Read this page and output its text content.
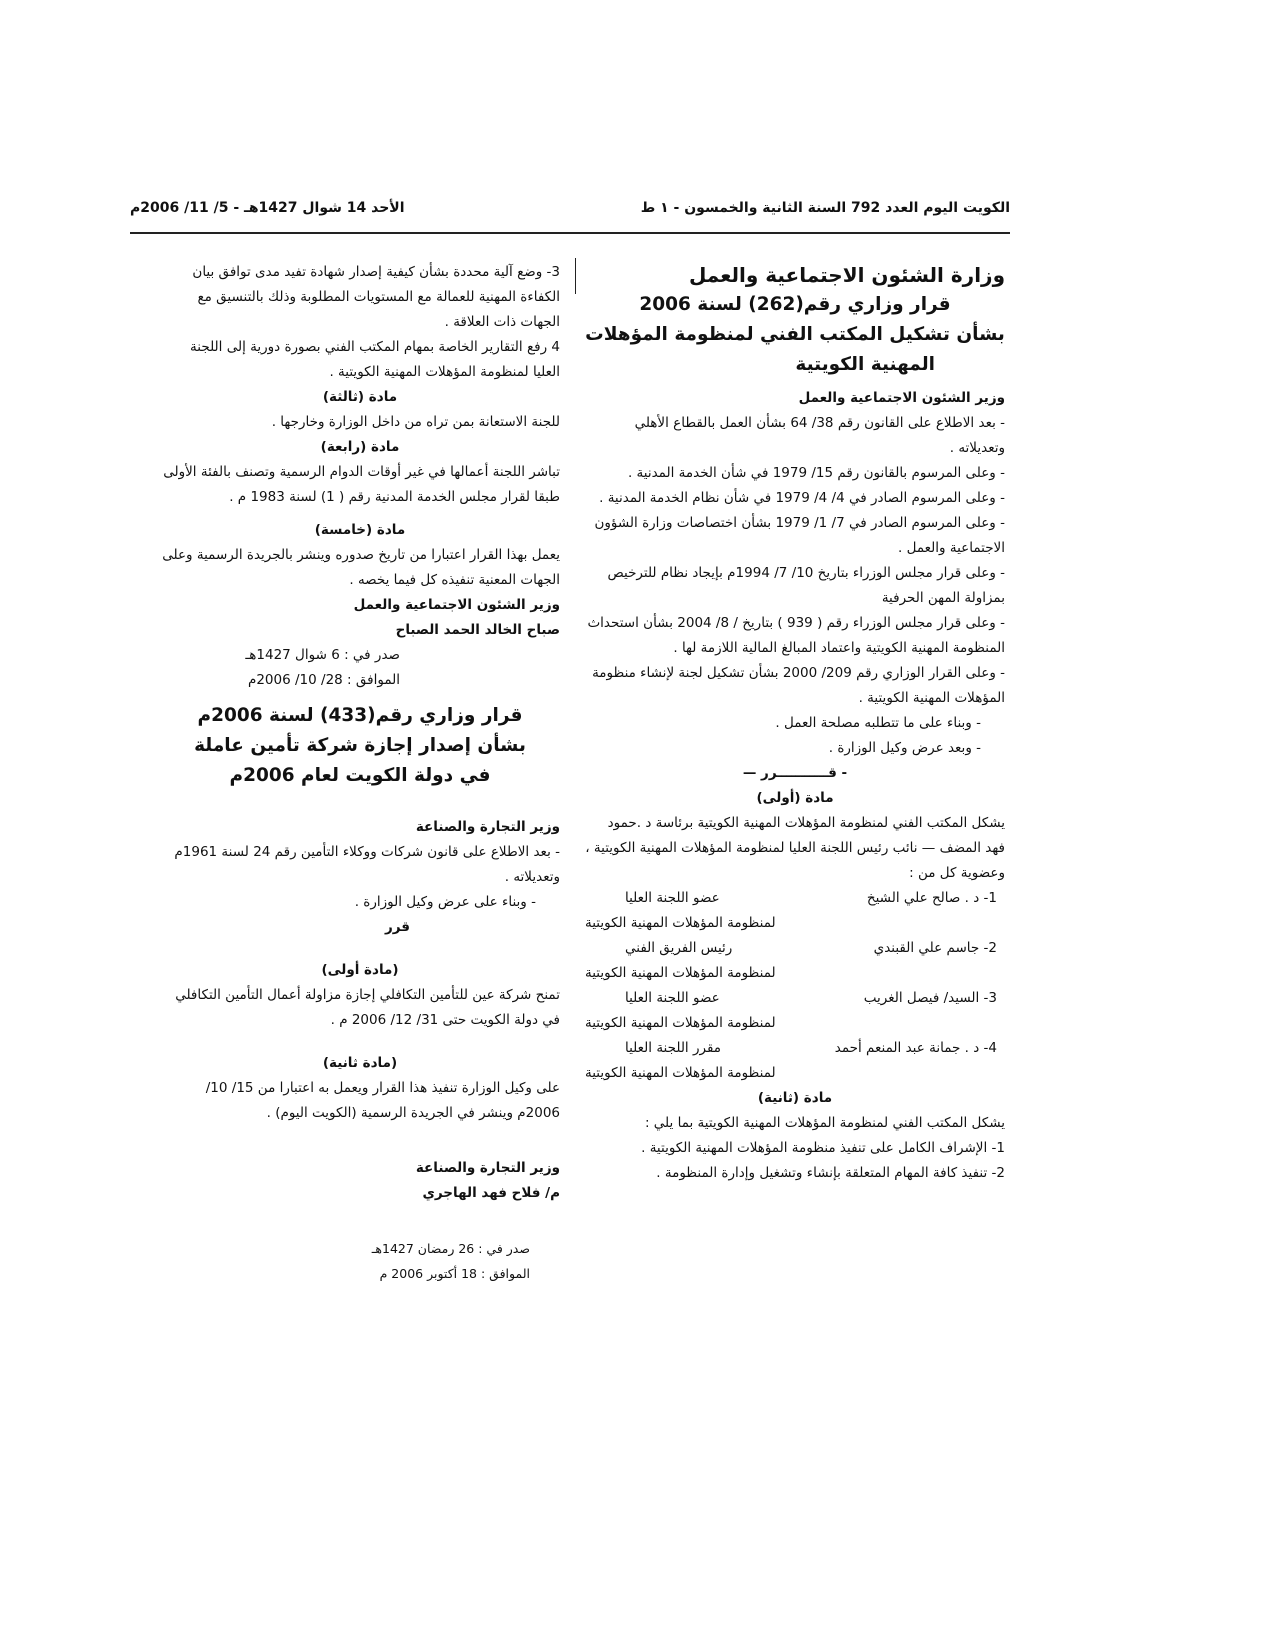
الكويت اليوم العدد 792 السنة الثانية والخمسون - ١ ط
الأحد 14 شوال 1427هـ - 5/ 11/ 2006م

وزارة الشئون الاجتماعية والعمل

قرار وزاري رقم(262) لسنة 2006

بشأن تشكيل المكتب الفني لمنظومة المؤهلات

المهنية الكويتية

وزير الشئون الاجتماعية والعمل

- بعد الاطلاع على القانون رقم 38/ 64 بشأن العمل بالقطاع الأهلي وتعديلاته .

- وعلى المرسوم بالقانون رقم 15/ 1979 في شأن الخدمة المدنية .

- وعلى المرسوم الصادر في 4/ 4/ 1979 في شأن نظام الخدمة المدنية .

- وعلى المرسوم الصادر في 7/ 1/ 1979 بشأن اختصاصات وزارة الشؤون الاجتماعية والعمل .

- وعلى قرار مجلس الوزراء بتاريخ 10/ 7/ 1994م بإيجاد نظام للترخيص بمزاولة المهن الحرفية

- وعلى قرار مجلس الوزراء رقم ( 939 ) بتاريخ / 8/ 2004 بشأن استحداث المنظومة المهنية الكويتية واعتماد المبالغ المالية اللازمة لها .

- وعلى القرار الوزاري رقم 209/ 2000 بشأن تشكيل لجنة لإنشاء منظومة المؤهلات المهنية الكويتية .

- وبناء على ما تتطلبه مصلحة العمل .

- وبعد عرض وكيل الوزارة .

- قـــــــــــرر —

مادة (أولى)

يشكل المكتب الفني لمنظومة المؤهلات المهنية الكويتية برئاسة د .حمود فهد المضف — نائب رئيس اللجنة العليا لمنظومة المؤهلات المهنية الكويتية ، وعضوية كل من :

1- د . صالح علي الشيخ
عضو اللجنة العليا

لمنظومة المؤهلات المهنية الكويتية

2- جاسم علي القبندي
رئيس الفريق الفني

لمنظومة المؤهلات المهنية الكويتية

3- السيد/ فيصل الغريب
عضو اللجنة العليا

لمنظومة المؤهلات المهنية الكويتية

4- د . جمانة عبد المنعم أحمد
مقرر اللجنة العليا

لمنظومة المؤهلات المهنية الكويتية

مادة (ثانية)

يشكل المكتب الفني لمنظومة المؤهلات المهنية الكويتية بما يلي :

1- الإشراف الكامل على تنفيذ منظومة المؤهلات المهنية الكويتية .

2- تنفيذ كافة المهام المتعلقة بإنشاء وتشغيل وإدارة المنظومة .

3- وضع آلية محددة بشأن كيفية إصدار شهادة تفيد مدى توافق بيان الكفاءة المهنية للعمالة مع المستويات المطلوبة وذلك بالتنسيق مع الجهات ذات العلاقة .

4 رفع التقارير الخاصة بمهام المكتب الفني بصورة دورية إلى اللجنة العليا لمنظومة المؤهلات المهنية الكويتية .

مادة (ثالثة)

للجنة الاستعانة بمن تراه من داخل الوزارة وخارجها .

مادة (رابعة)

تباشر اللجنة أعمالها في غير أوقات الدوام الرسمية وتصنف بالفئة الأولى طبقا لقرار مجلس الخدمة المدنية رقم ( 1) لسنة 1983 م .

مادة (خامسة)

يعمل بهذا القرار اعتبارا من تاريخ صدوره وينشر بالجريدة الرسمية وعلى الجهات المعنية تنفيذه كل فيما يخصه .

وزير الشئون الاجتماعية والعمل

صباح الخالد الحمد الصباح

صدر في : 6 شوال 1427هـ

الموافق : 28/ 10/ 2006م

قرار وزاري رقم(433) لسنة 2006م

بشأن إصدار إجازة شركة تأمين عاملة

في دولة الكويت لعام 2006م

وزير التجارة والصناعة

- بعد الاطلاع على قانون شركات ووكلاء التأمين رقم 24 لسنة 1961م وتعديلاته .

- وبناء على عرض وكيل الوزارة .

قرر

(مادة أولى)

تمنح شركة عين للتأمين التكافلي إجازة مزاولة أعمال التأمين التكافلي في دولة الكويت حتى 31/ 12/ 2006 م .

(مادة ثانية)

على وكيل الوزارة تنفيذ هذا القرار ويعمل به اعتبارا من 15/ 10/ 2006م وينشر في الجريدة الرسمية (الكويت اليوم) .

وزير التجارة والصناعة

م/ فلاح فهد الهاجري

صدر في : 26 رمضان 1427هـ

الموافق : 18 أكتوبر 2006 م
